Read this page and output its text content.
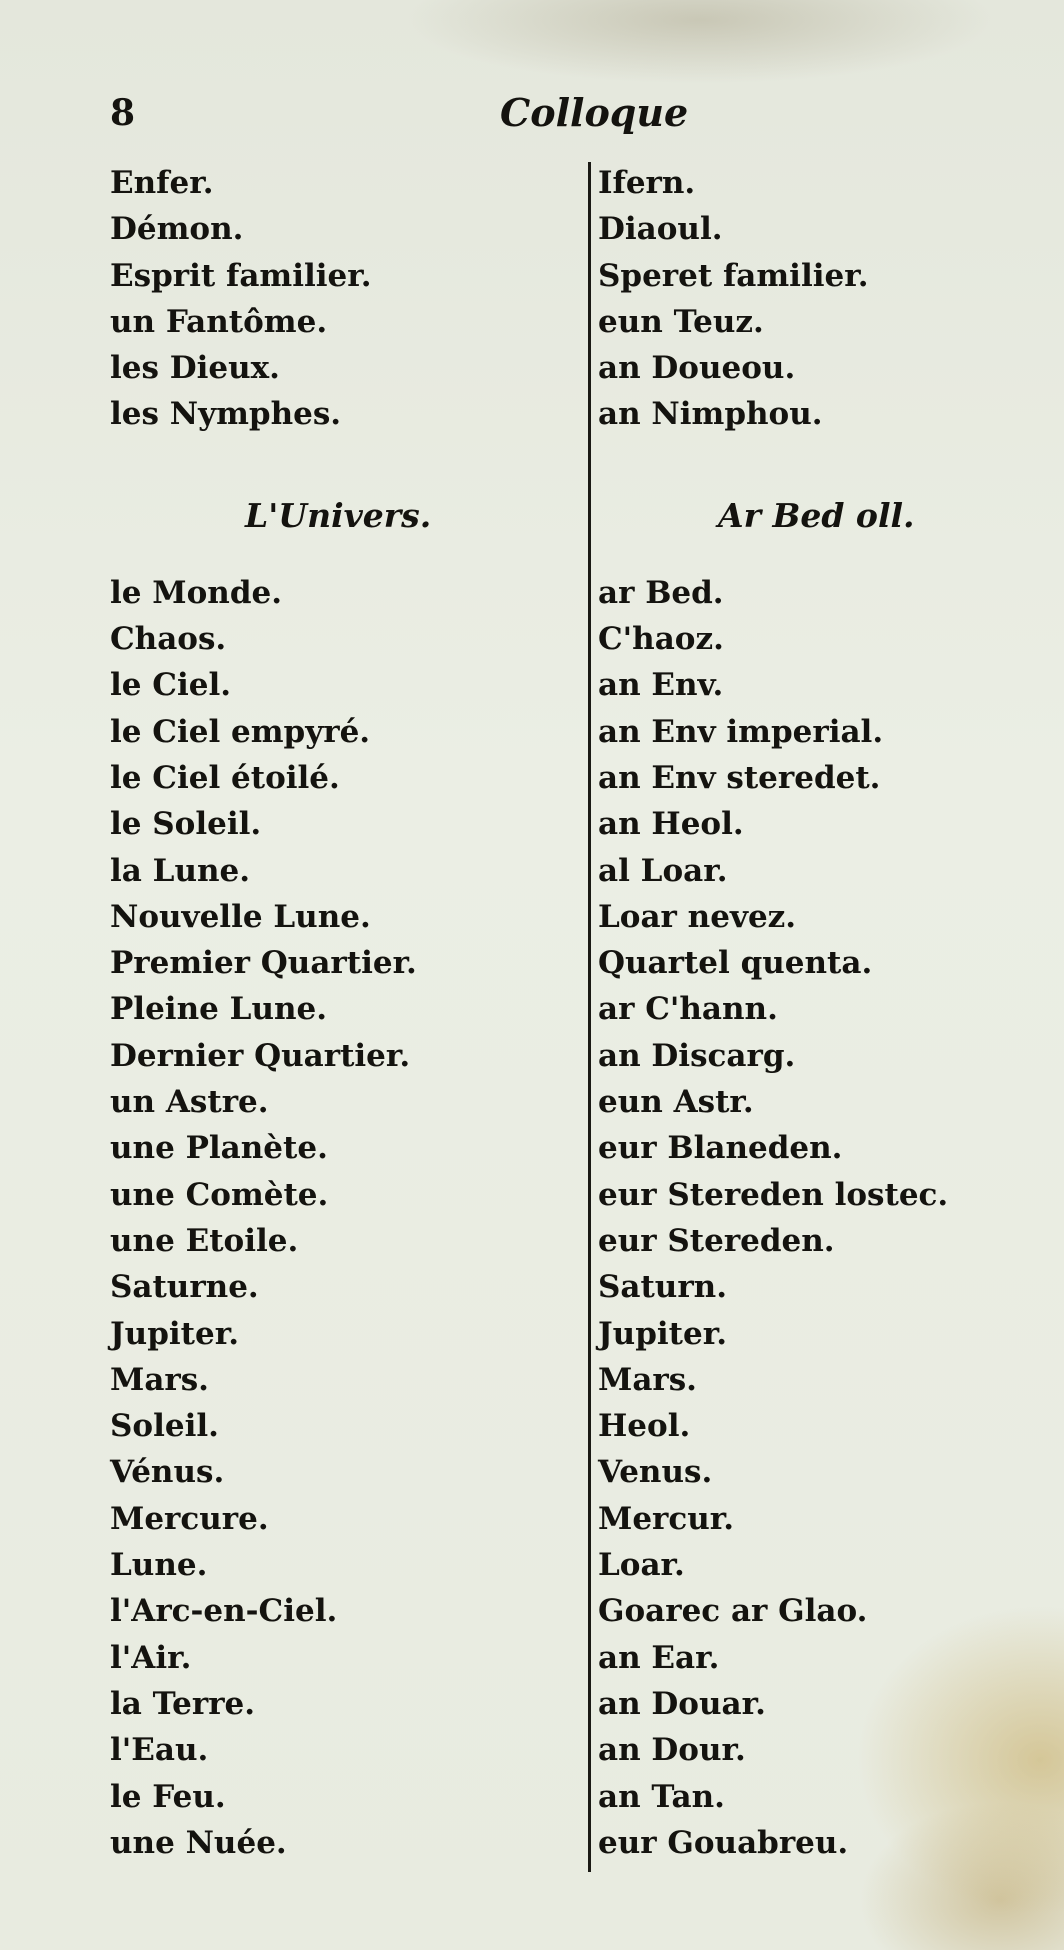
8	Colloque
Enfer.
Démon.
Esprit familier.
un Fantôme.
les Dieux.
les Nymphes.
L'Univers.
le Monde.
Chaos.
le Ciel.
le Ciel empyré.
le Ciel étoilé.
le Soleil.
la Lune.
Nouvelle Lune.
Premier Quartier.
Pleine Lune.
Dernier Quartier.
un Astre.
une Planète.
une Comète.
une Etoile.
Saturne.
Jupiter.
Mars.
Soleil.
Vénus.
Mercure.
Lune.
l'Arc-en-Ciel.
l'Air.
la Terre.
l'Eau.
le Feu.
une Nuée.
Ifern.
Diaoul.
Speret familier.
eun Teuz.
an Doueou.
an Nimphou.
Ar Bed oll.
ar Bed.
C'haoz.
an Env.
an Env imperial.
an Env steredet.
an Heol.
al Loar.
Loar nevez.
Quartel quenta.
ar C'hann.
an Discarg.
eun Astr.
eur Blaneden.
eur Stereden lostec.
eur Stereden.
Saturn.
Jupiter.
Mars.
Heol.
Venus.
Mercur.
Loar.
Goarec ar Glao.
an Ear.
an Douar.
an Dour.
an Tan.
eur Gouabreu.
